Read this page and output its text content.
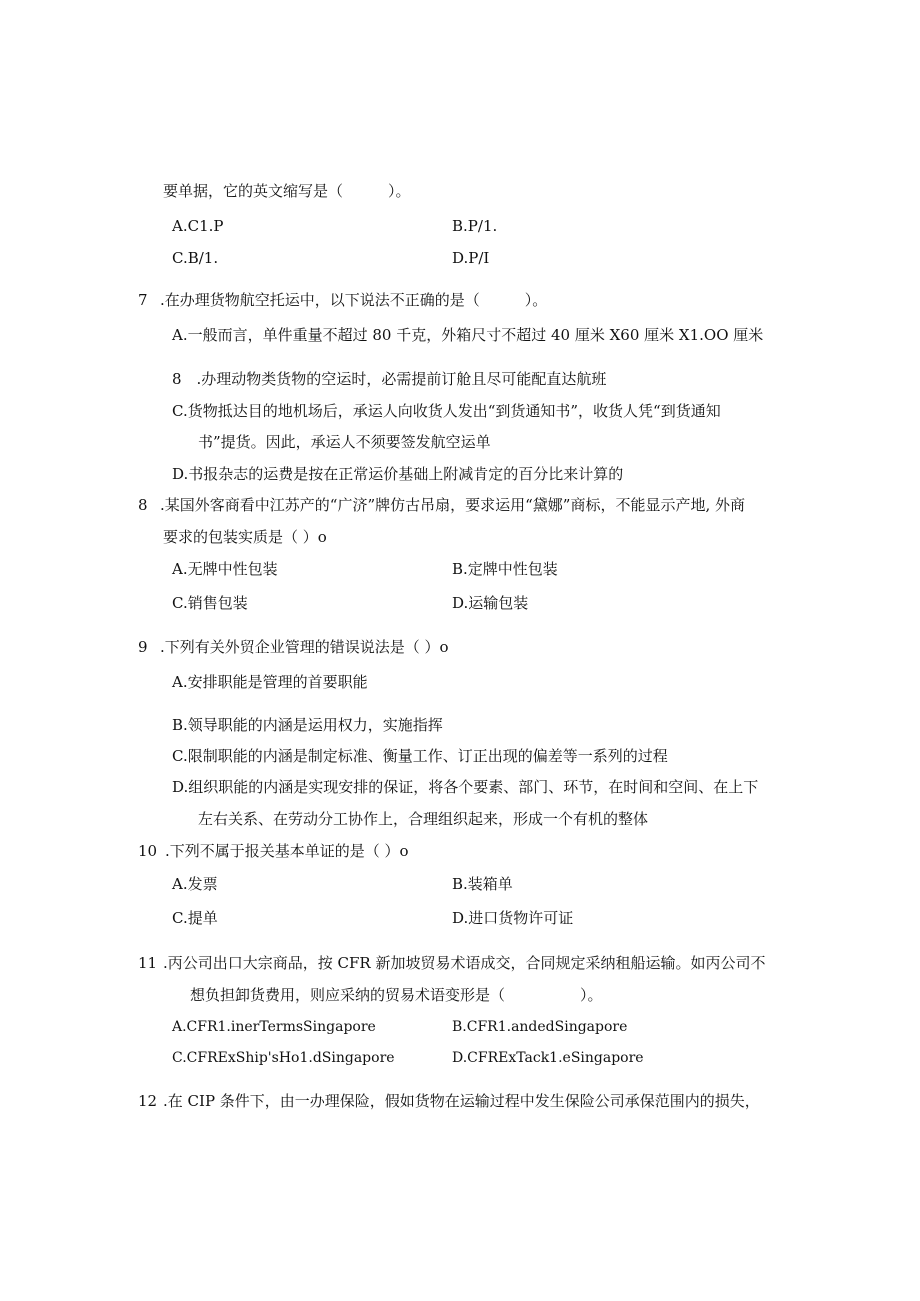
要单据，它的英文缩写是（　　　）。
A.C1.P	B.P/1.
C.B/1.	D.P/I
7 .在办理货物航空托运中，以下说法不正确的是（　　　）。
A.一般而言，单件重量不超过 80 千克，外箱尺寸不超过 40 厘米 X60 厘米 X1.OO 厘米
8　.办理动物类货物的空运时，必需提前订舱且尽可能配直达航班
C.货物抵达目的地机场后，承运人向收货人发出“到货通知书”，收货人凭“到货通知
书”提货。因此，承运人不须要签发航空运单
D.书报杂志的运费是按在正常运价基础上附减肯定的百分比来计算的
8 .某国外客商看中江苏产的“广济”牌仿古吊扇，要求运用“黛娜”商标，不能显示产地, 外商
要求的包装实质是（ ）o
A.无牌中性包装	B.定牌中性包装
C.销售包装	D.运输包装
9 .下列有关外贸企业管理的错误说法是（ ）o
A.安排职能是管理的首要职能
B.领导职能的内涵是运用权力，实施指挥
C.限制职能的内涵是制定标准、衡量工作、订正出现的偏差等一系列的过程
D.组织职能的内涵是实现安排的保证，将各个要素、部门、环节，在时间和空间、在上下
左右关系、在劳动分工协作上，合理组织起来，形成一个有机的整体
10 .下列不属于报关基本单证的是（ ）o
A.发票	B.装箱单
C.提单	D.进口货物许可证
11 .丙公司出口大宗商品，按 CFR 新加坡贸易术语成交，合同规定采纳租船运输。如丙公司不
想负担卸货费用，则应采纳的贸易术语变形是（　　　　　）。
A.CFR1.inerTermsSingapore	B.CFR1.andedSingapore
C.CFRExShip'sHo1.dSingapore	D.CFRExTack1.eSingapore
12 .在 CIP 条件下，由一办理保险，假如货物在运输过程中发生保险公司承保范围内的损失，
